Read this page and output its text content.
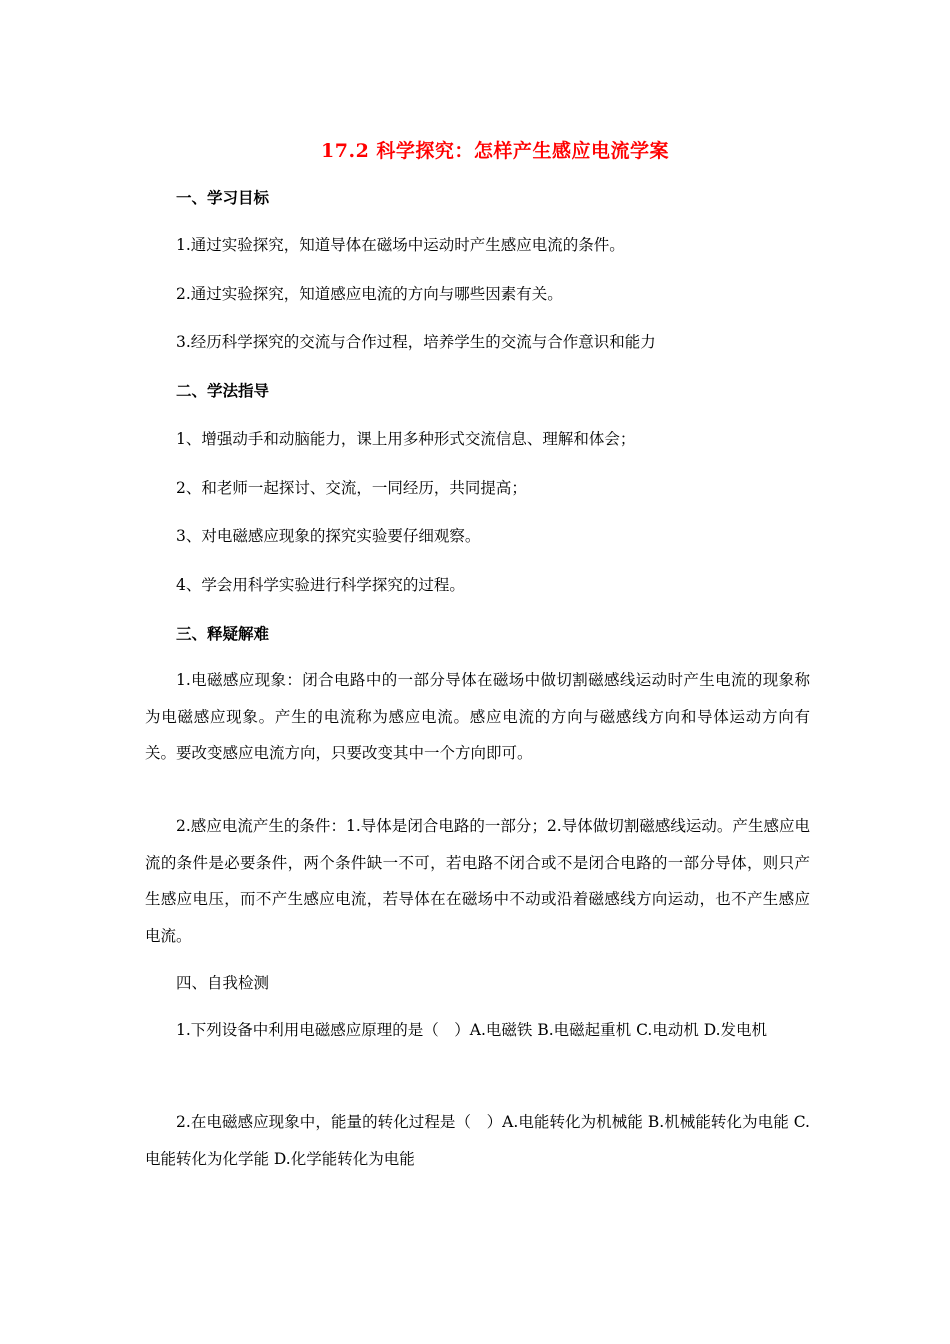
17.2 科学探究：怎样产生感应电流学案
一、学习目标
1.通过实验探究，知道导体在磁场中运动时产生感应电流的条件。
2.通过实验探究，知道感应电流的方向与哪些因素有关。
3.经历科学探究的交流与合作过程，培养学生的交流与合作意识和能力
二、学法指导
1、增强动手和动脑能力，课上用多种形式交流信息、理解和体会；
2、和老师一起探讨、交流，一同经历，共同提高；
3、对电磁感应现象的探究实验要仔细观察。
4、学会用科学实验进行科学探究的过程。
三、释疑解难
1.电磁感应现象：闭合电路中的一部分导体在磁场中做切割磁感线运动时产生电流的现象称为电磁感应现象。产生的电流称为感应电流。感应电流的方向与磁感线方向和导体运动方向有关。要改变感应电流方向，只要改变其中一个方向即可。
2.感应电流产生的条件：1.导体是闭合电路的一部分；2.导体做切割磁感线运动。产生感应电流的条件是必要条件，两个条件缺一不可，若电路不闭合或不是闭合电路的一部分导体，则只产生感应电压，而不产生感应电流，若导体在在磁场中不动或沿着磁感线方向运动，也不产生感应电流。
四、自我检测
1.下列设备中利用电磁感应原理的是（　）A.电磁铁 B.电磁起重机 C.电动机 D.发电机
2.在电磁感应现象中，能量的转化过程是（　）A.电能转化为机械能 B.机械能转化为电能 C.电能转化为化学能 D.化学能转化为电能
